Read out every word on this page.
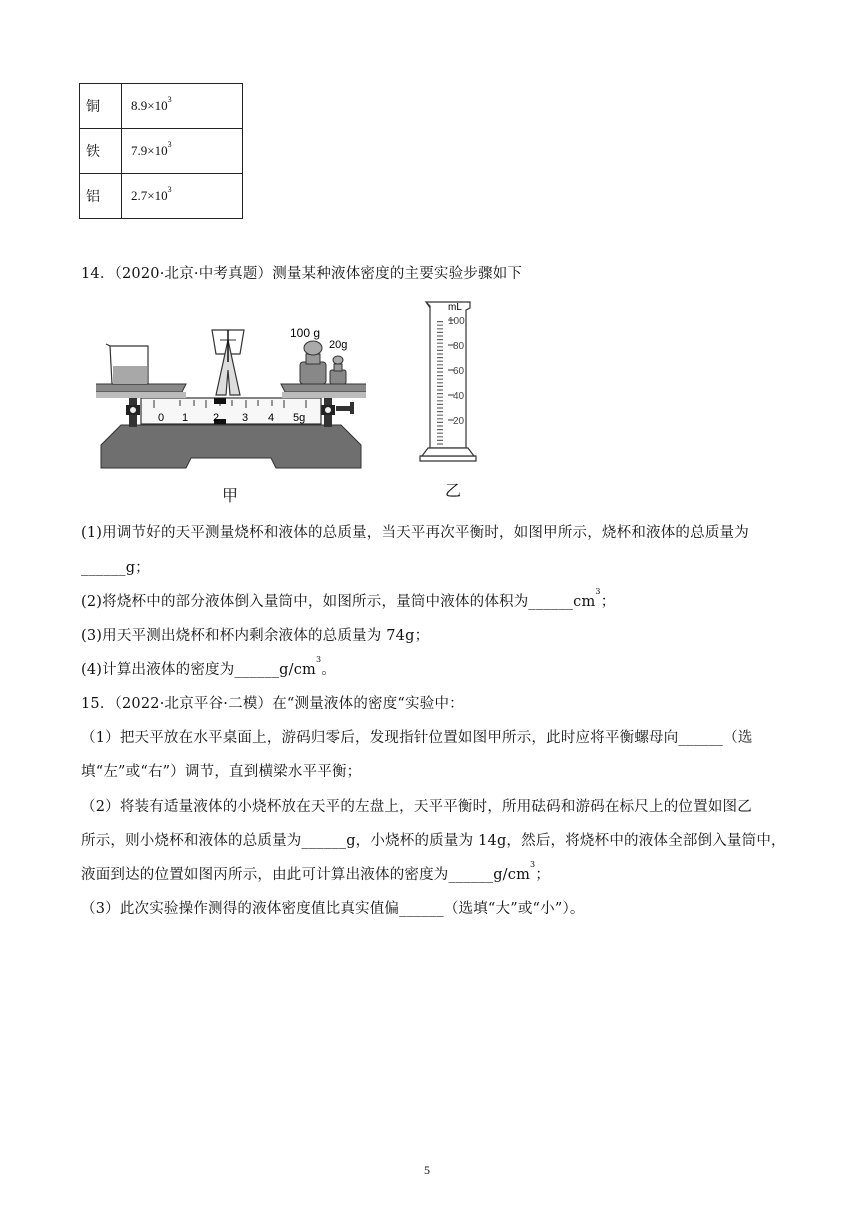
铜	$8.9\times 10^3$
铁	$7.9\times 10^3$
铝	$2.7\times 10^3$
14．（2020·北京·中考真题）测量某种液体密度的主要实验步骤如下
0 1 2 3 4 5g
100 g
20g
甲
mL
100
80
60
40
20
乙
(1)用调节好的天平测量烧杯和液体的总质量，当天平再次平衡时，如图甲所示，烧杯和液体的总质量为
______g；
(2)将烧杯中的部分液体倒入量筒中，如图所示，量筒中液体的体积为$\_\_\_\_\_\_cm^3$；
(3)用天平测出烧杯和杯内剩余液体的总质量为 74g；
(4)计算出液体的密度为$\_\_\_\_\_\_g/cm^3$。
15．（2022·北京平谷·二模）在“测量液体的密度“实验中：
（1）把天平放在水平桌面上，游码归零后，发现指针位置如图甲所示，此时应将平衡螺母向______（选
填“左”或“右”）调节，直到横梁水平平衡；
（2）将装有适量液体的小烧杯放在天平的左盘上，天平平衡时，所用砝码和游码在标尺上的位置如图乙
所示，则小烧杯和液体的总质量为______g，小烧杯的质量为 14g，然后，将烧杯中的液体全部倒入量筒中，
液面到达的位置如图丙所示，由此可计算出液体的密度为$\_\_\_\_\_\_g/cm^3$；
（3）此次实验操作测得的液体密度值比真实值偏______（选填“大”或“小”）。
5
